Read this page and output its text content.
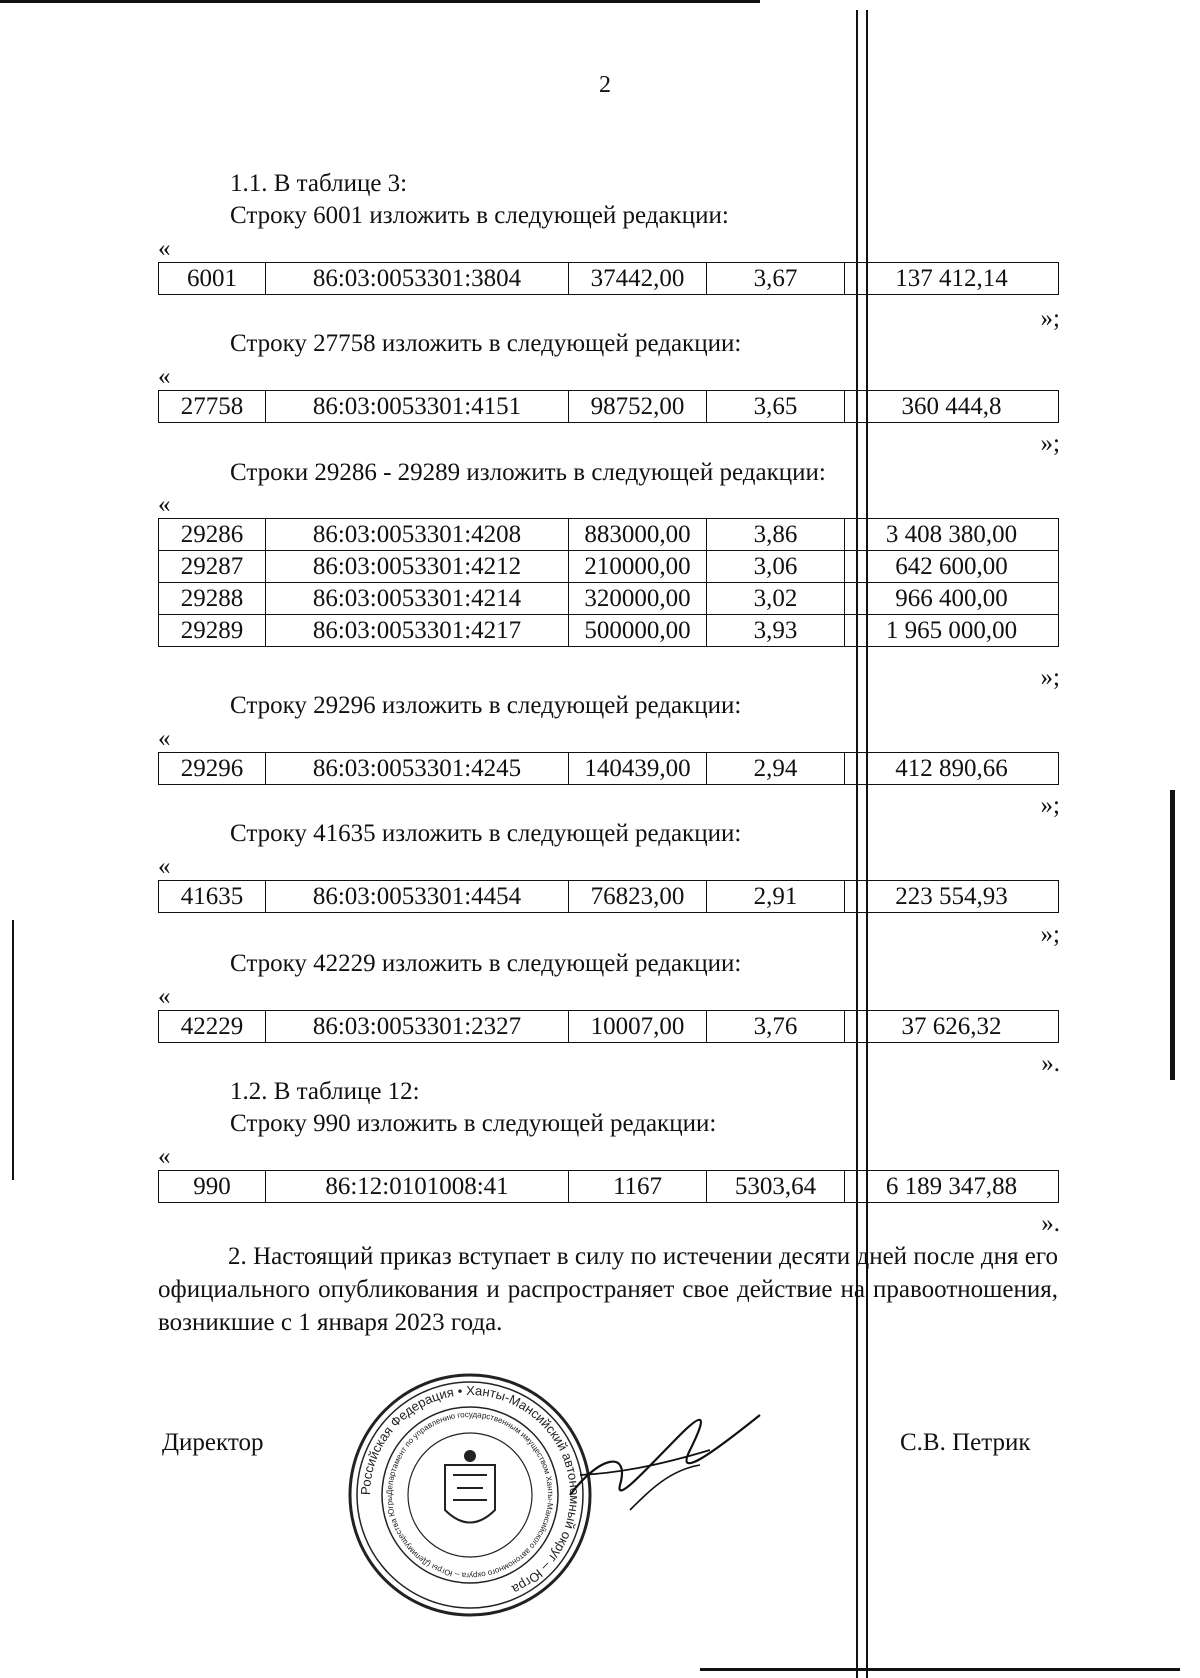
2
1.1. В таблице 3:
Строку 6001 изложить в следующей редакции:
«
6001	86:03:0053301:3804	37442,00	3,67	137 412,14
»;
Строку 27758 изложить в следующей редакции:
«
27758	86:03:0053301:4151	98752,00	3,65	360 444,8
»;
Строки 29286 - 29289 изложить в следующей редакции:
«
29286	86:03:0053301:4208	883000,00	3,86	3 408 380,00
29287	86:03:0053301:4212	210000,00	3,06	642 600,00
29288	86:03:0053301:4214	320000,00	3,02	966 400,00
29289	86:03:0053301:4217	500000,00	3,93	1 965 000,00
»;
Строку 29296 изложить в следующей редакции:
«
29296	86:03:0053301:4245	140439,00	2,94	412 890,66
»;
Строку 41635 изложить в следующей редакции:
«
41635	86:03:0053301:4454	76823,00	2,91	223 554,93
»;
Строку 42229 изложить в следующей редакции:
«
42229	86:03:0053301:2327	10007,00	3,76	37 626,32
».
1.2. В таблице 12:
Строку 990 изложить в следующей редакции:
«
990	86:12:0101008:41	1167	5303,64	6 189 347,88
».
2. Настоящий приказ вступает в силу по истечении десяти дней после дня его официального опубликования и распространяет свое действие на правоотношения, возникшие с 1 января 2023 года.
Директор	С.В. Петрик
Российская Федерация • Ханты-Мансийский автономный округ – Югра
Департамент по управлению государственным имуществом Ханты-Мансийского автономного округа – Югры (Депимущества Югры
